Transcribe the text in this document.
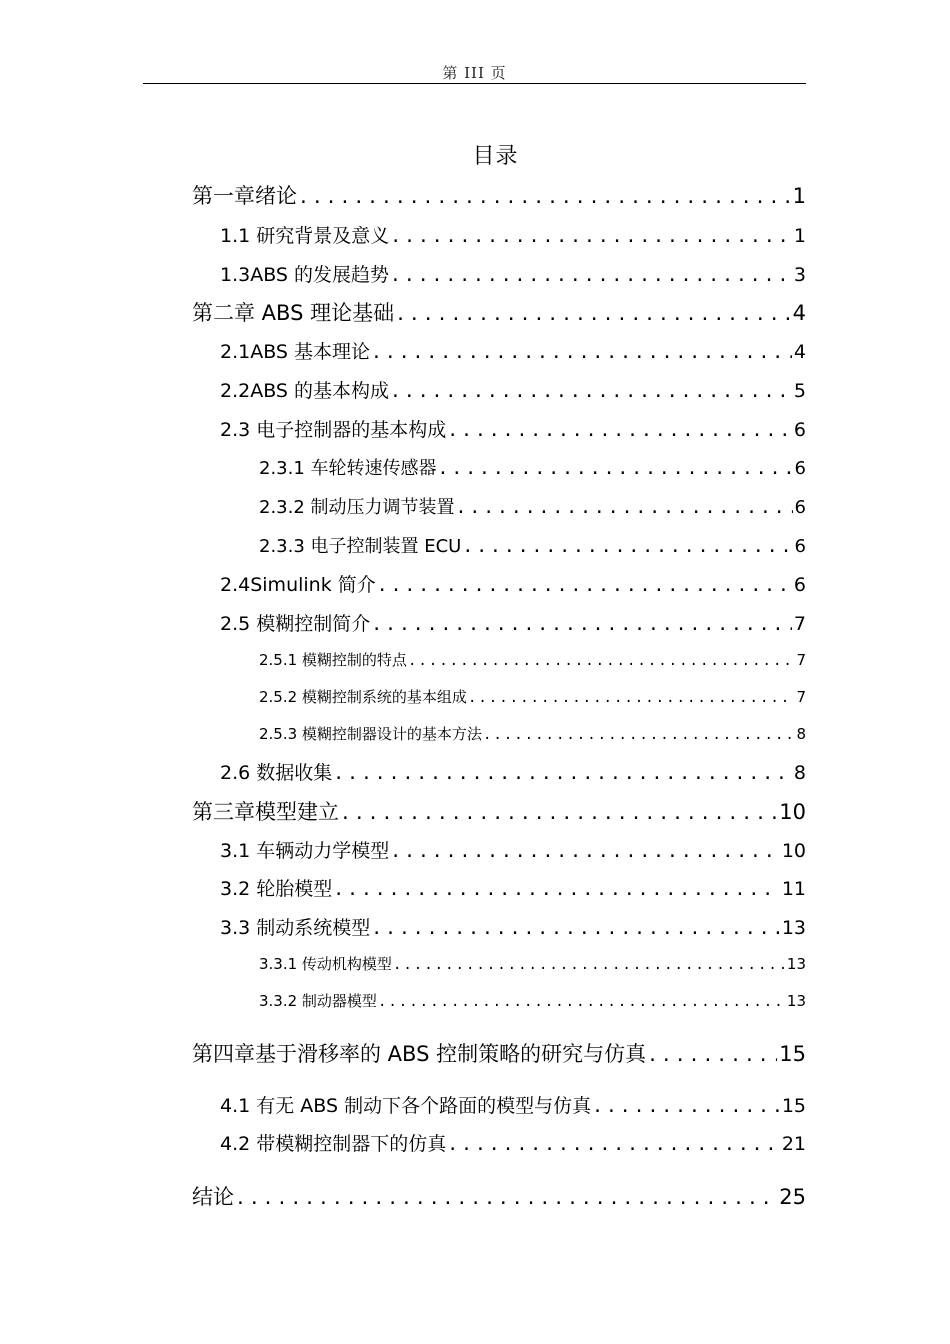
第 III 页
目录
第一章绪论 .....	1
1.1 研究背景及意义 .....	1
1.3ABS 的发展趋势 .....	3
第二章 ABS 理论基础 .....	4
2.1ABS 基本理论 .....	4
2.2ABS 的基本构成 .....	5
2.3 电子控制器的基本构成 .....	6
2.3.1 车轮转速传感器 .....	6
2.3.2 制动压力调节装置 .....	6
2.3.3 电子控制装置 ECU .....	6
2.4Simulink 简介 .....	6
2.5 模糊控制简介 .....	7
2.5.1 模糊控制的特点 .....	7
2.5.2 模糊控制系统的基本组成 .....	7
2.5.3 模糊控制器设计的基本方法 .....	8
2.6 数据收集 .....	8
第三章模型建立 .....	10
3.1 车辆动力学模型 .....	10
3.2 轮胎模型 .....	11
3.3 制动系统模型 .....	13
3.3.1 传动机构模型 .....	13
3.3.2 制动器模型 .....	13
第四章基于滑移率的 ABS 控制策略的研究与仿真 .....	15
4.1 有无 ABS 制动下各个路面的模型与仿真 .....	15
4.2 带模糊控制器下的仿真 .....	21
结论 .....	25
